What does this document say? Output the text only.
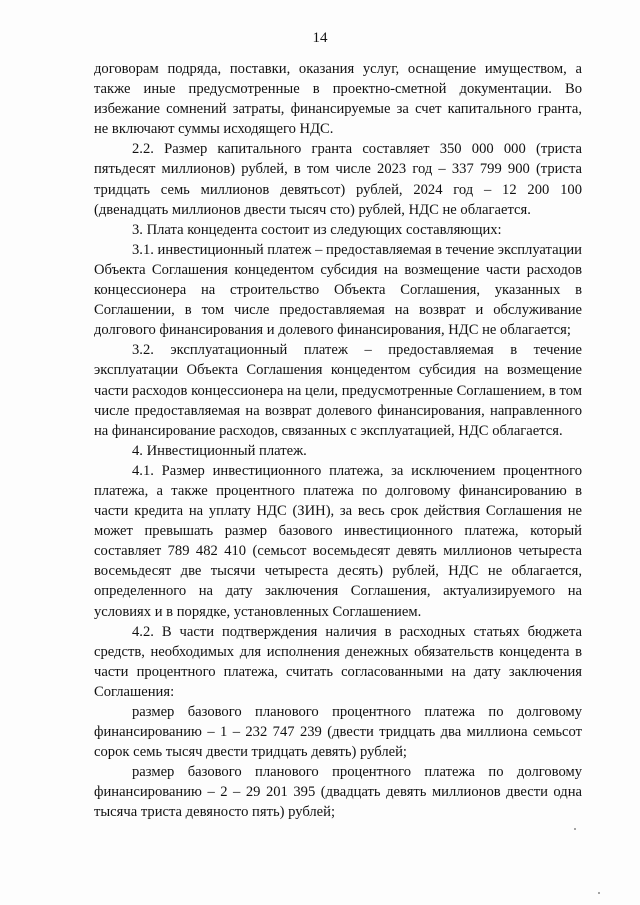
14

договорам подряда, поставки, оказания услуг, оснащение имуществом, а также иные предусмотренные в проектно-сметной документации. Во избежание сомнений затраты, финансируемые за счет капитального гранта, не включают суммы исходящего НДС.

2.2. Размер капитального гранта составляет 350 000 000 (триста пятьдесят миллионов) рублей, в том числе 2023 год – 337 799 900 (триста тридцать семь миллионов девятьсот) рублей, 2024 год – 12 200 100 (двенадцать миллионов двести тысяч сто) рублей, НДС не облагается.

3. Плата концедента состоит из следующих составляющих:

3.1. инвестиционный платеж – предоставляемая в течение эксплуатации Объекта Соглашения концедентом субсидия на возмещение части расходов концессионера на строительство Объекта Соглашения, указанных в Соглашении, в том числе предоставляемая на возврат и обслуживание долгового финансирования и долевого финансирования, НДС не облагается;

3.2. эксплуатационный платеж – предоставляемая в течение эксплуатации Объекта Соглашения концедентом субсидия на возмещение части расходов концессионера на цели, предусмотренные Соглашением, в том числе предоставляемая на возврат долевого финансирования, направленного на финансирование расходов, связанных с эксплуатацией, НДС облагается.

4. Инвестиционный платеж.

4.1. Размер инвестиционного платежа, за исключением процентного платежа, а также процентного платежа по долговому финансированию в части кредита на уплату НДС (ЗИН), за весь срок действия Соглашения не может превышать размер базового инвестиционного платежа, который составляет 789 482 410 (семьсот восемьдесят девять миллионов четыреста восемьдесят две тысячи четыреста десять) рублей, НДС не облагается, определенного на дату заключения Соглашения, актуализируемого на условиях и в порядке, установленных Соглашением.

4.2. В части подтверждения наличия в расходных статьях бюджета средств, необходимых для исполнения денежных обязательств концедента в части процентного платежа, считать согласованными на дату заключения Соглашения:

размер базового планового процентного платежа по долговому финансированию – 1 – 232 747 239 (двести тридцать два миллиона семьсот сорок семь тысяч двести тридцать девять) рублей;

размер базового планового процентного платежа по долговому финансированию – 2 – 29 201 395 (двадцать девять миллионов двести одна тысяча триста девяносто пять) рублей;
